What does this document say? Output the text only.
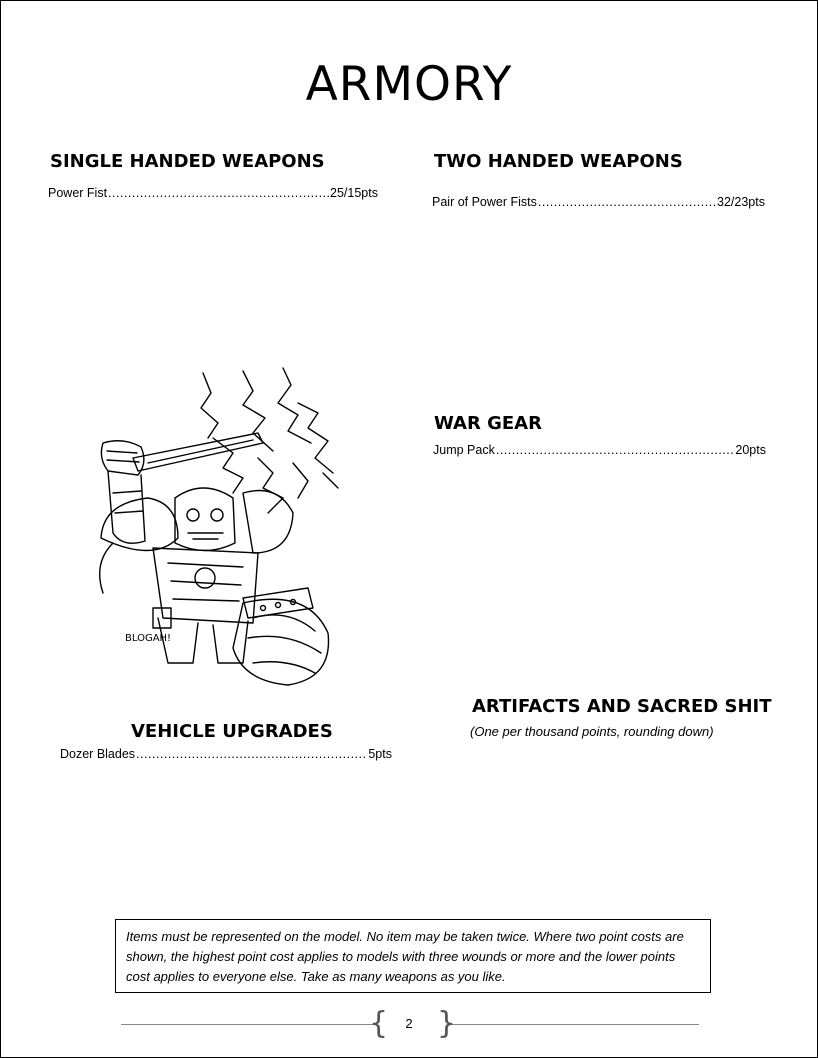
ARMORY
SINGLE HANDED WEAPONS
Power Fist .....	25/15pts
TWO HANDED WEAPONS
Pair of Power Fists .....	32/23pts
WAR GEAR
Jump Pack .....	20pts
VEHICLE UPGRADES
Dozer Blades .....	5pts
ARTIFACTS AND SACRED SHIT
(One per thousand points, rounding down)
BLOGAH!
Items must be represented on the model. No item may be taken twice. Where two point costs are shown, the highest point cost applies to models with three wounds or more and the lower points cost applies to everyone else. Take as many weapons as you like.
{ }
2
